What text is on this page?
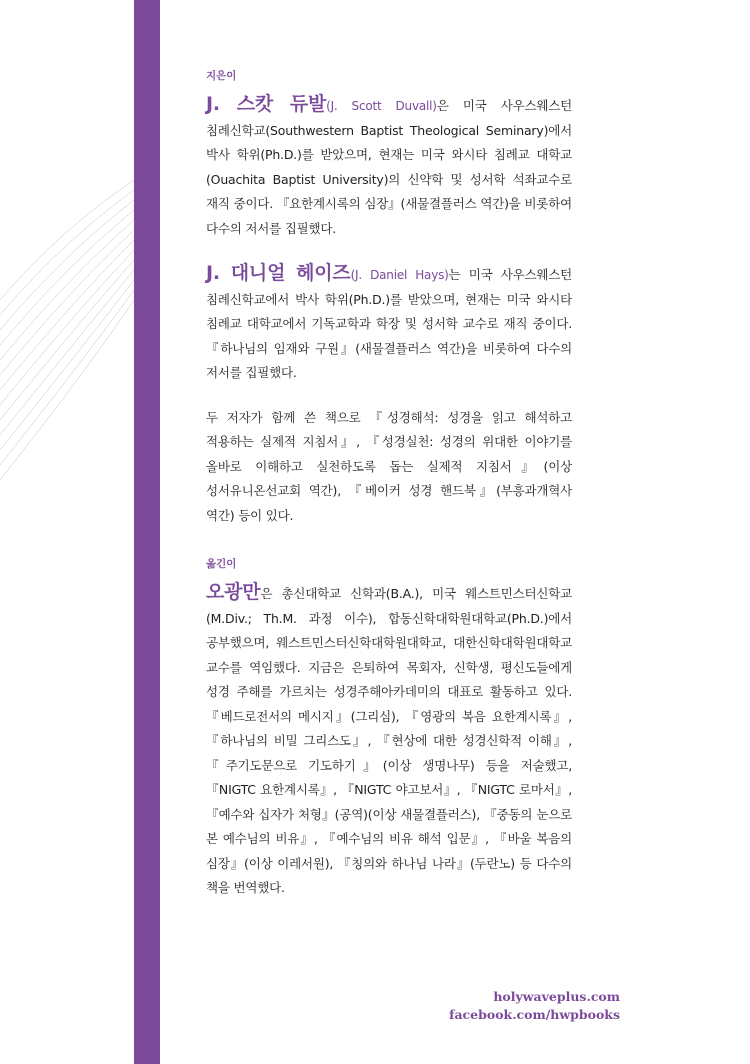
지은이

J. 스캇 듀발(J. Scott Duvall)은 미국 사우스웨스턴 침례신학교(Southwestern Baptist Theological Seminary)에서 박사 학위(Ph.D.)를 받았으며, 현재는 미국 와시타 침례교 대학교(Ouachita Baptist University)의 신약학 및 성서학 석좌교수로 재직 중이다. 『요한계시록의 심장』(새물결플러스 역간)을 비롯하여 다수의 저서를 집필했다.

J. 대니얼 헤이즈(J. Daniel Hays)는 미국 사우스웨스턴 침례신학교에서 박사 학위(Ph.D.)를 받았으며, 현재는 미국 와시타 침례교 대학교에서 기독교학과 학장 및 성서학 교수로 재직 중이다. 『하나님의 임재와 구원』(새물결플러스 역간)을 비롯하여 다수의 저서를 집필했다.

두 저자가 함께 쓴 책으로 『성경해석: 성경을 읽고 해석하고 적용하는 실제적 지침서』, 『성경실천: 성경의 위대한 이야기를 올바로 이해하고 실천하도록 돕는 실제적 지침서』(이상 성서유니온선교회 역간), 『베이커 성경 핸드북』(부흥과개혁사 역간) 등이 있다.

옮긴이

오광만은 총신대학교 신학과(B.A.), 미국 웨스트민스터신학교(M.Div.; Th.M. 과정 이수), 합동신학대학원대학교(Ph.D.)에서 공부했으며, 웨스트민스터신학대학원대학교, 대한신학대학원대학교 교수를 역임했다. 지금은 은퇴하여 목회자, 신학생, 평신도들에게 성경 주해를 가르치는 성경주해아카데미의 대표로 활동하고 있다. 『베드로전서의 메시지』(그리심), 『영광의 복음 요한계시록』, 『하나님의 비밀 그리스도』, 『현상에 대한 성경신학적 이해』, 『주기도문으로 기도하기』(이상 생명나무) 등을 저술했고, 『NIGTC 요한계시록』, 『NIGTC 야고보서』, 『NIGTC 로마서』, 『예수와 십자가 처형』(공역)(이상 새물결플러스), 『중동의 눈으로 본 예수님의 비유』, 『예수님의 비유 해석 입문』, 『바울 복음의 심장』(이상 이레서원), 『칭의와 하나님 나라』(두란노) 등 다수의 책을 번역했다.

holywaveplus.com
facebook.com/hwpbooks
